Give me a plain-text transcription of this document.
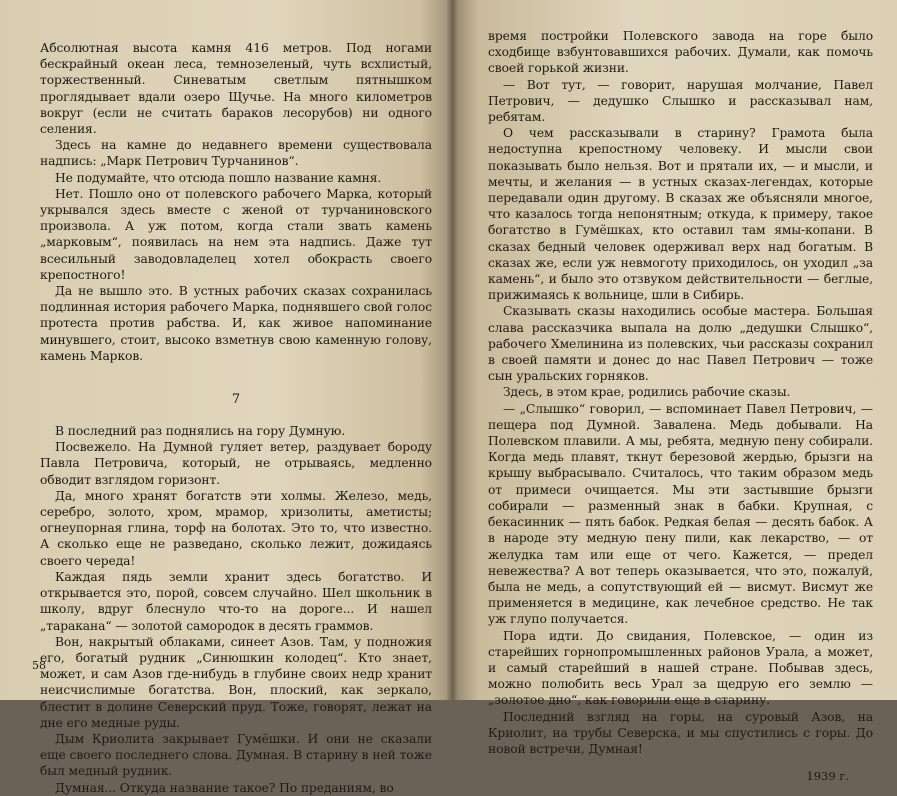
Абсолютная высота камня 416 метров. Под ногами бескрайный океан леса, темнозеленый, чуть всхлистый, торжественный. Синеватым светлым пятнышком проглядывает вдали озеро Щучье. На много километров вокруг (если не считать бараков лесорубов) ни одного селения.

Здесь на камне до недавнего времени существовала надпись: „Марк Петрович Турчанинов“.

Не подумайте, что отсюда пошло название камня.

Нет. Пошло оно от полевского рабочего Марка, который укрывался здесь вместе с женой от турчаниновского произвола. А уж потом, когда стали звать камень „марковым“, появилась на нем эта надпись. Даже тут всесильный заводовладелец хотел обокрасть своего крепостного!

Да не вышло это. В устных рабочих сказах сохранилась подлинная история рабочего Марка, поднявшего свой голос протеста против рабства. И, как живое напоминание минувшего, стоит, высоко взметнув свою каменную голову, камень Марков.

7

В последний раз поднялись на гору Думную.

Посвежело. На Думной гуляет ветер, раздувает бороду Павла Петровича, который, не отрываясь, медленно обводит взглядом горизонт.

Да, много хранят богатств эти холмы. Железо, медь, серебро, золото, хром, мрамор, хризолиты, аметисты; огнеупорная глина, торф на болотах. Это то, что известно. А сколько еще не разведано, сколько лежит, дожидаясь своего череда!

Каждая пядь земли хранит здесь богатство. И открывается это, порой, совсем случайно. Шел школьник в школу, вдруг блеснуло что-то на дороге... И нашел „таракана“ — золотой самородок в десять граммов.

Вон, накрытый облаками, синеет Азов. Там, у подножия его, богатый рудник „Синюшкин колодец“. Кто знает, может, и сам Азов где-нибудь в глубине своих недр хранит неисчислимые богатства. Вон, плоский, как зеркало, блестит в долине Северский пруд. Тоже, говорят, лежат на дне его медные руды.

Дым Криолита закрывает Гумёшки. И они не сказали еще своего последнего слова. Думная. В старину в ней тоже был медный рудник.

Думная... Откуда название такое? По преданиям, во

58

время постройки Полевского завода на горе было сходбище взбунтовавшихся рабочих. Думали, как помочь своей горькой жизни.

— Вот тут, — говорит, нарушая молчание, Павел Петрович, — дедушко Слышко и рассказывал нам, ребятам.

О чем рассказывали в старину? Грамота была недоступна крепостному человеку. И мысли свои показывать было нельзя. Вот и прятали их, — и мысли, и мечты, и желания — в устных сказах-легендах, которые передавали один другому. В сказах же объясняли многое, что казалось тогда непонятным; откуда, к примеру, такое богатство в Гумёшках, кто оставил там ямы-копани. В сказах бедный человек одерживал верх над богатым. В сказах же, если уж невмоготу приходилось, он уходил „за камень“, и было это отзвуком действительности — беглые, прижимаясь к вольнице, шли в Сибирь.

Сказывать сказы находились особые мастера. Большая слава рассказчика выпала на долю „дедушки Слышко“, рабочего Хмелинина из полевских, чьи рассказы сохранил в своей памяти и донес до нас Павел Петрович — тоже сын уральских горняков.

Здесь, в этом крае, родились рабочие сказы.

— „Слышко“ говорил, — вспоминает Павел Петрович, — пещера под Думной. Завалена. Медь добывали. На Полевском плавили. А мы, ребята, медную пену собирали. Когда медь плавят, ткнут березовой жердью, брызги на крышу выбрасывало. Считалось, что таким образом медь от примеси очищается. Мы эти застывшие брызги собирали — разменный знак в бабки. Крупная, с бекасинник — пять бабок. Редкая белая — десять бабок. А в народе эту медную пену пили, как лекарство, — от желудка там или еще от чего. Кажется, — предел невежества? А вот теперь оказывается, что это, пожалуй, была не медь, а сопутствующий ей — висмут. Висмут же применяется в медицине, как лечебное средство. Не так уж глупо получается.

Пора идти. До свидания, Полевское, — один из старейших горнопромышленных районов Урала, а может, и самый старейший в нашей стране. Побывав здесь, можно полюбить весь Урал за щедрую его землю — „золотое дно“, как говорили еще в старину.

Последний взгляд на горы, на суровый Азов, на Криолит, на трубы Северска, и мы спустились с горы. До новой встречи, Думная!

1939 г.
